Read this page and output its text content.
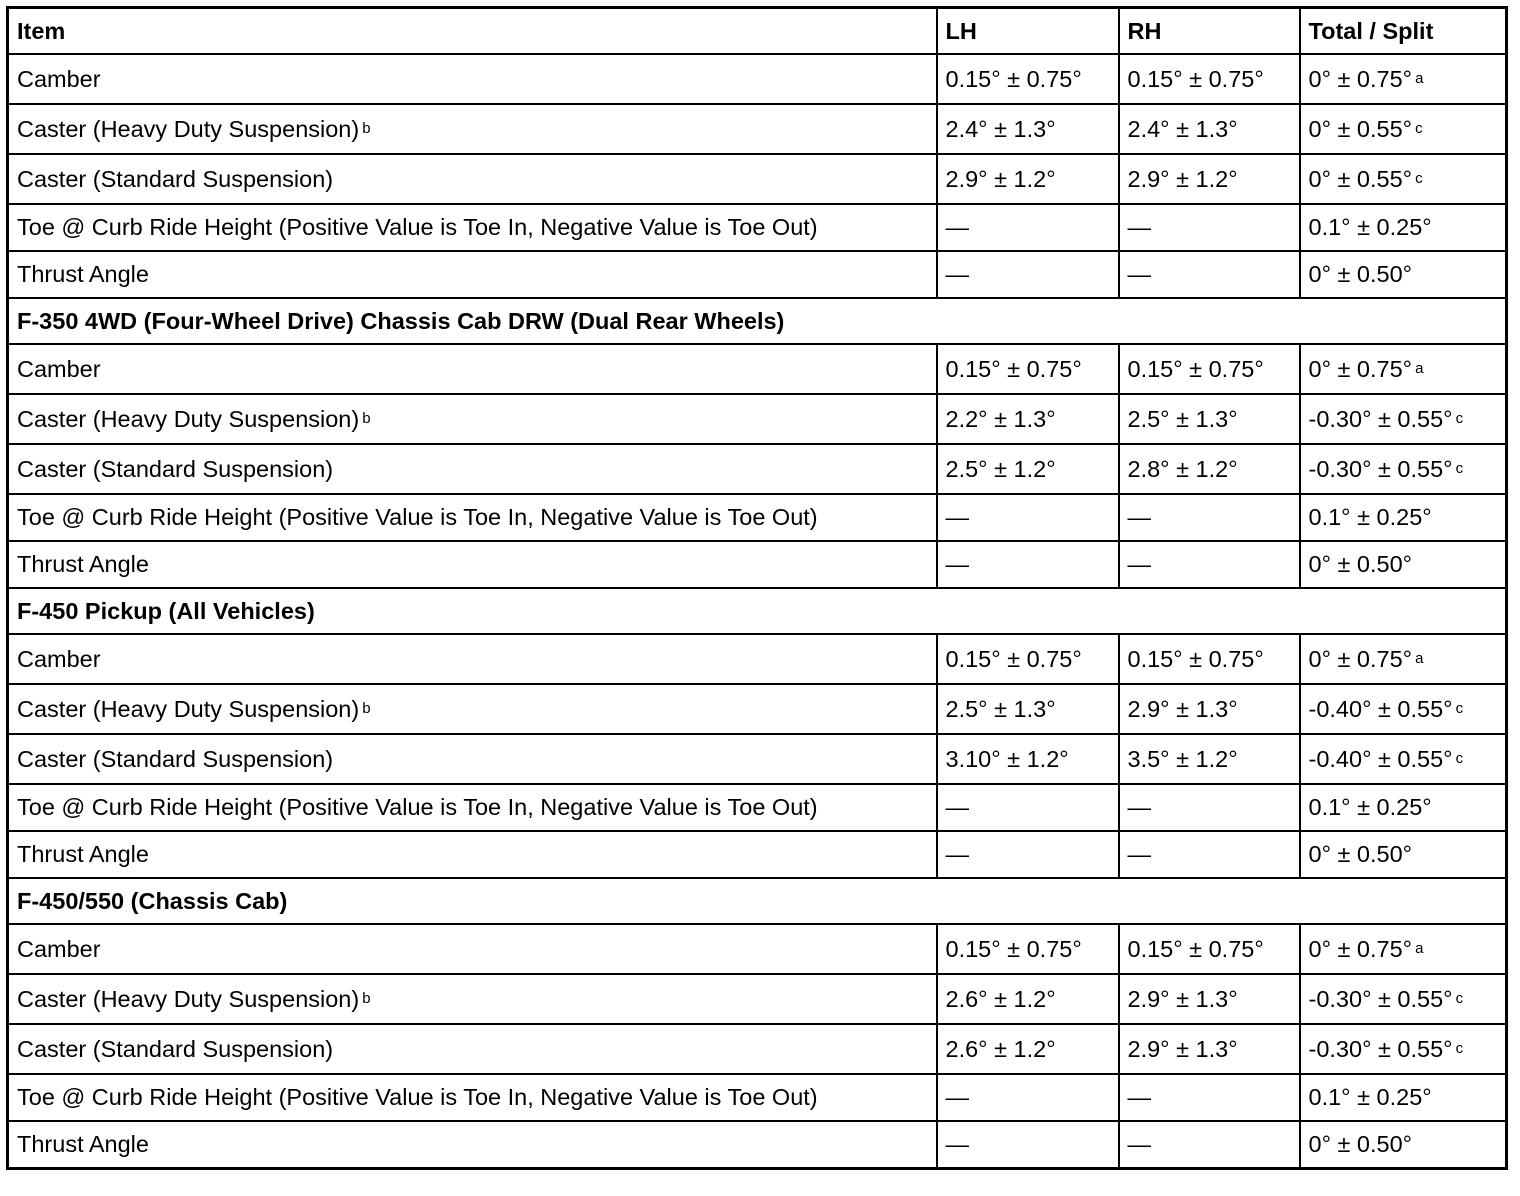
Item	LH	RH	Total / Split
Camber	0.15° ± 0.75°	0.15° ± 0.75°	0° ± 0.75° $^a$
Caster (Heavy Duty Suspension) $^b$	2.4° ± 1.3°	2.4° ± 1.3°	0° ± 0.55° $^c$
Caster (Standard Suspension)	2.9° ± 1.2°	2.9° ± 1.2°	0° ± 0.55° $^c$
Toe @ Curb Ride Height (Positive Value is Toe In, Negative Value is Toe Out)	—	—	0.1° ± 0.25°
Thrust Angle	—	—	0° ± 0.50°
F-350 4WD (Four-Wheel Drive) Chassis Cab DRW (Dual Rear Wheels)			
Camber	0.15° ± 0.75°	0.15° ± 0.75°	0° ± 0.75° $^a$
Caster (Heavy Duty Suspension) $^b$	2.2° ± 1.3°	2.5° ± 1.3°	-0.30° ± 0.55° $^c$
Caster (Standard Suspension)	2.5° ± 1.2°	2.8° ± 1.2°	-0.30° ± 0.55° $^c$
Toe @ Curb Ride Height (Positive Value is Toe In, Negative Value is Toe Out)	—	—	0.1° ± 0.25°
Thrust Angle	—	—	0° ± 0.50°
F-450 Pickup (All Vehicles)			
Camber	0.15° ± 0.75°	0.15° ± 0.75°	0° ± 0.75° $^a$
Caster (Heavy Duty Suspension) $^b$	2.5° ± 1.3°	2.9° ± 1.3°	-0.40° ± 0.55° $^c$
Caster (Standard Suspension)	3.10° ± 1.2°	3.5° ± 1.2°	-0.40° ± 0.55° $^c$
Toe @ Curb Ride Height (Positive Value is Toe In, Negative Value is Toe Out)	—	—	0.1° ± 0.25°
Thrust Angle	—	—	0° ± 0.50°
F-450/550 (Chassis Cab)			
Camber	0.15° ± 0.75°	0.15° ± 0.75°	0° ± 0.75° $^a$
Caster (Heavy Duty Suspension) $^b$	2.6° ± 1.2°	2.9° ± 1.3°	-0.30° ± 0.55° $^c$
Caster (Standard Suspension)	2.6° ± 1.2°	2.9° ± 1.3°	-0.30° ± 0.55° $^c$
Toe @ Curb Ride Height (Positive Value is Toe In, Negative Value is Toe Out)	—	—	0.1° ± 0.25°
Thrust Angle	—	—	0° ± 0.50°
